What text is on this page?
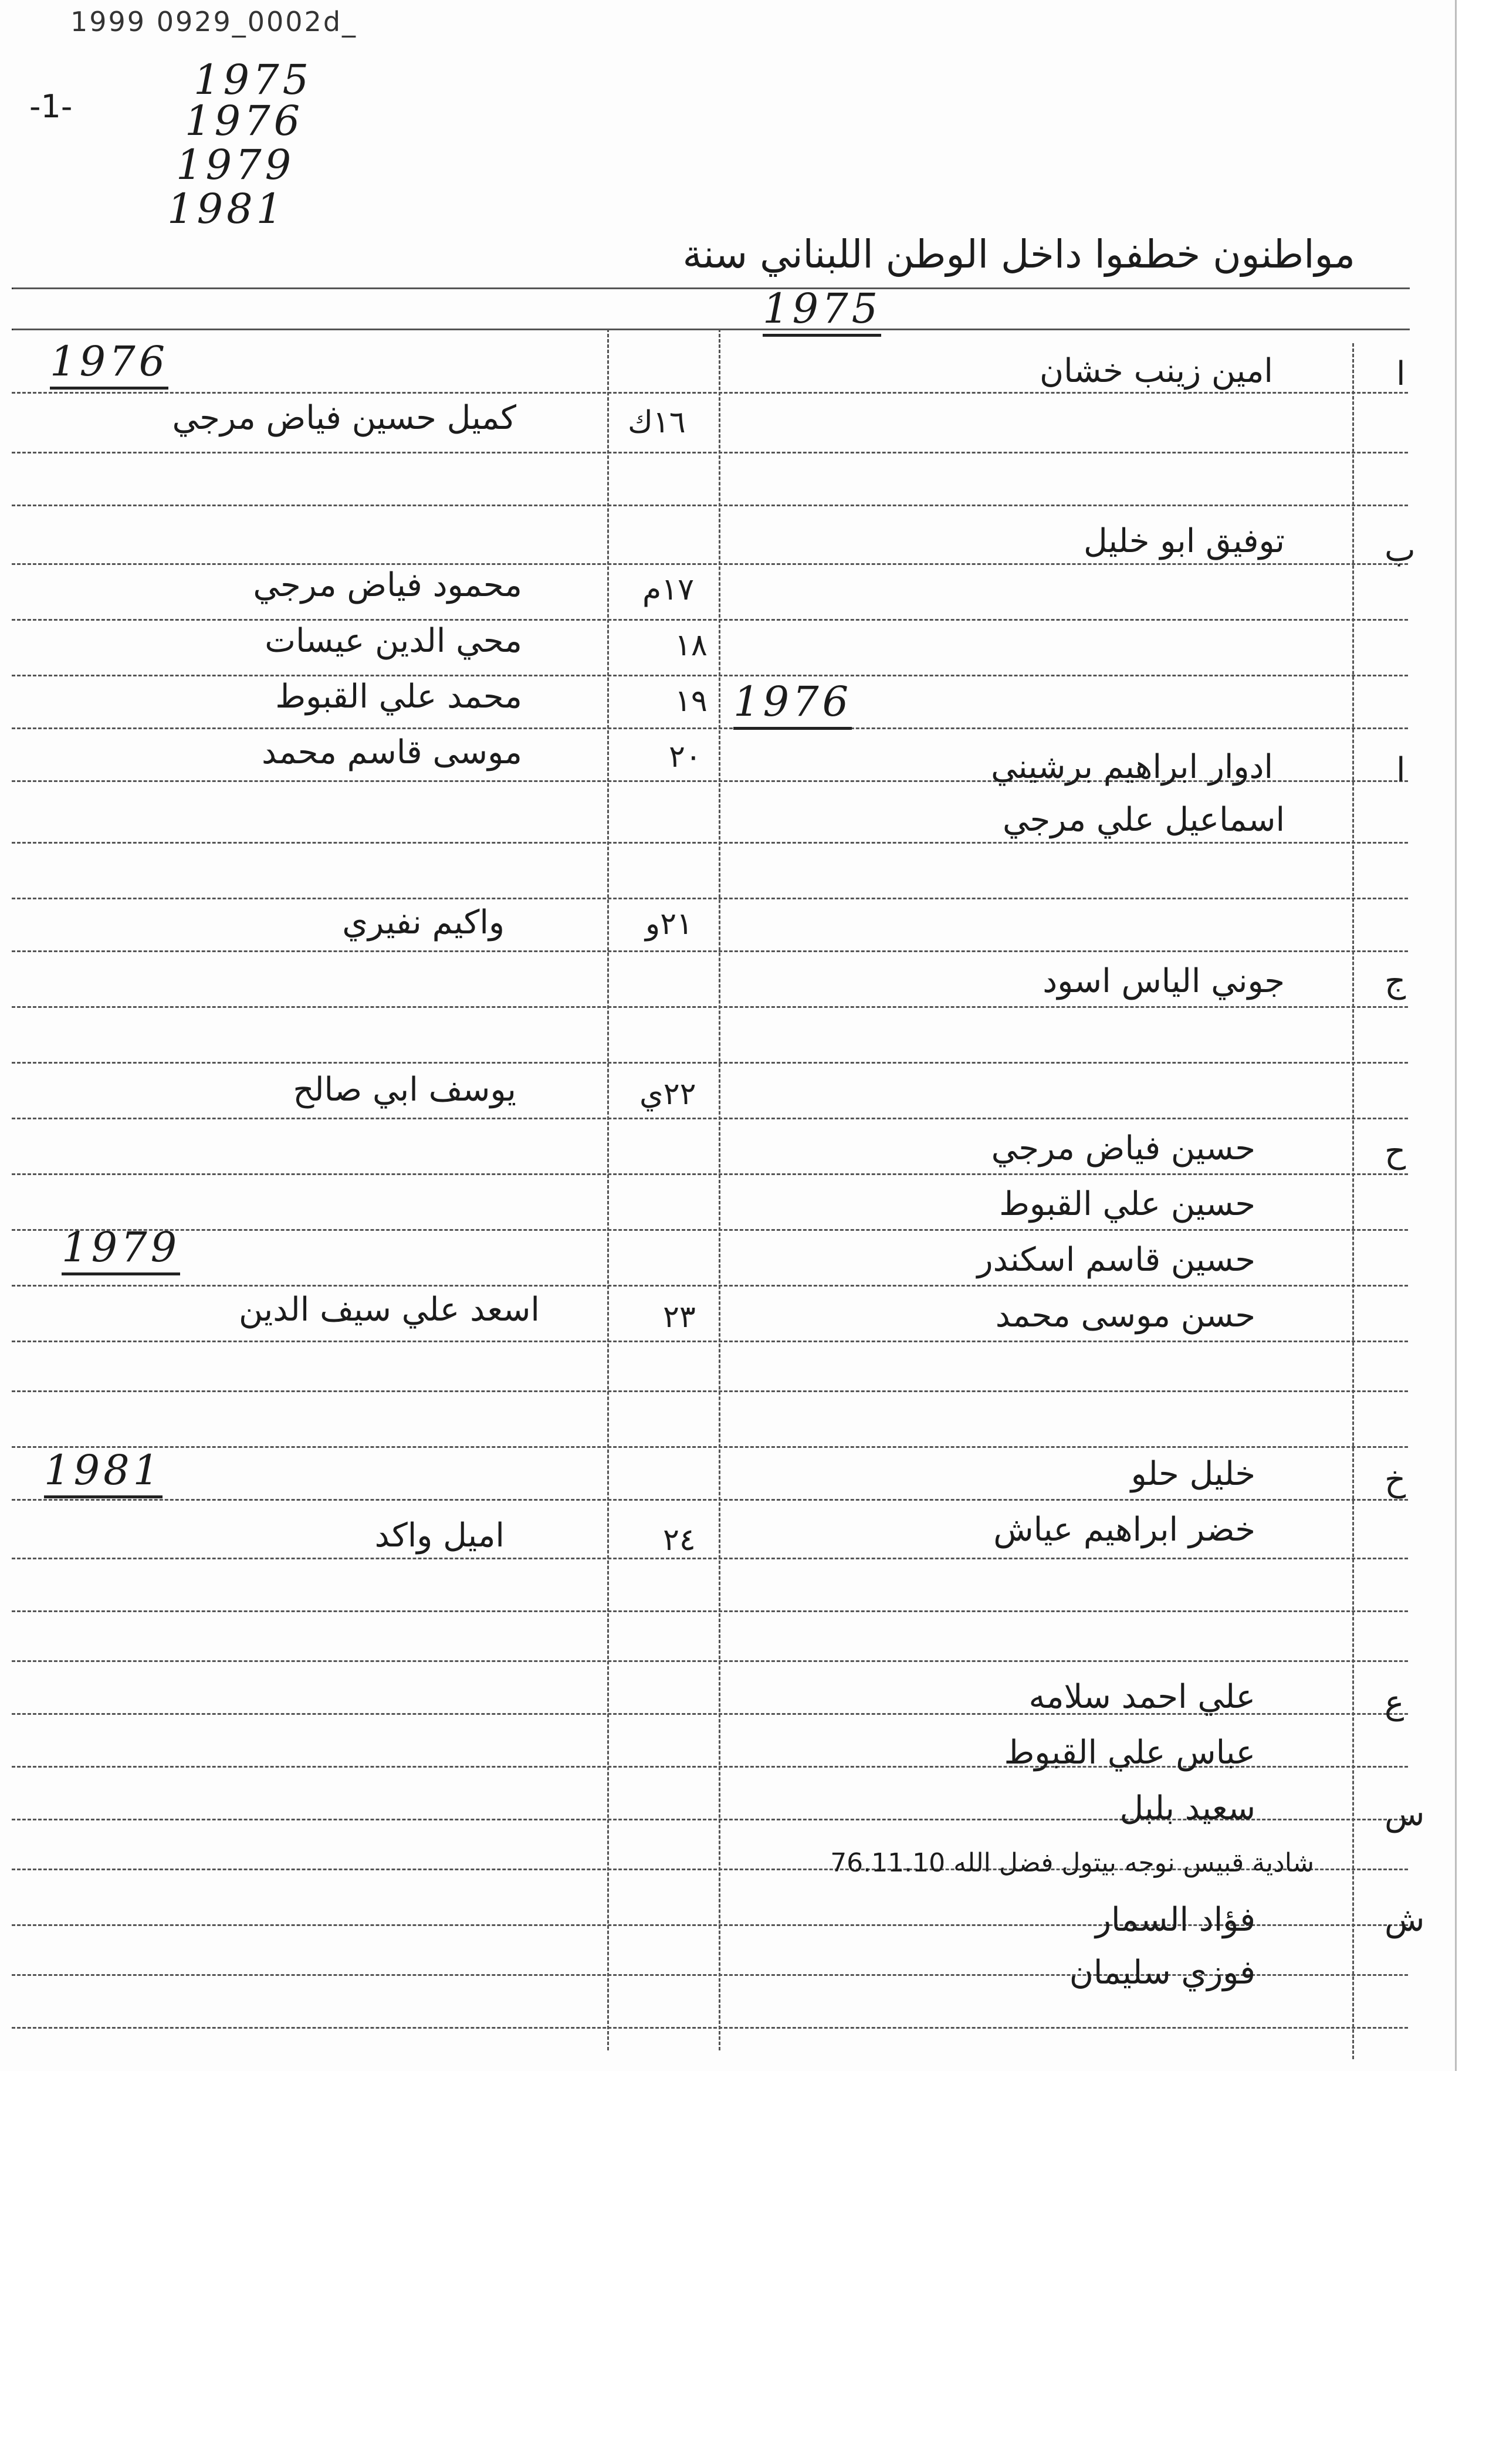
1999 0929_0002d_
-1-
1975
1976
1979
1981
مواطنون خطفوا داخل الوطن اللبناني سنة
1975
ا
امين زينب خشان
ب
توفيق ابو خليل
1976
ا
ادوار ابراهيم برشيني
اسماعيل علي مرجي
ج
جوني الياس اسود
ح
حسين فياض مرجي
حسين علي القبوط
حسين قاسم اسكندر
حسن موسى محمد
خ
خليل حلو
خضر ابراهيم عياش
ع
علي احمد سلامه
عباس علي القبوط
س
سعيد بلبل
شادية قبيس نوجه بيتول فضل الله 76.11.10
ش
فؤاد السمار
فوزي سليمان
1976
١٦ك
كميل حسين فياض مرجي
١٧م
محمود فياض مرجي
١٨
محي الدين عيسات
١٩
محمد علي القبوط
٢٠
موسى قاسم محمد
٢١و
واكيم نفيري
٢٢ي
يوسف ابي صالح
1979
٢٣
اسعد علي سيف الدين
1981
٢٤
اميل واكد
